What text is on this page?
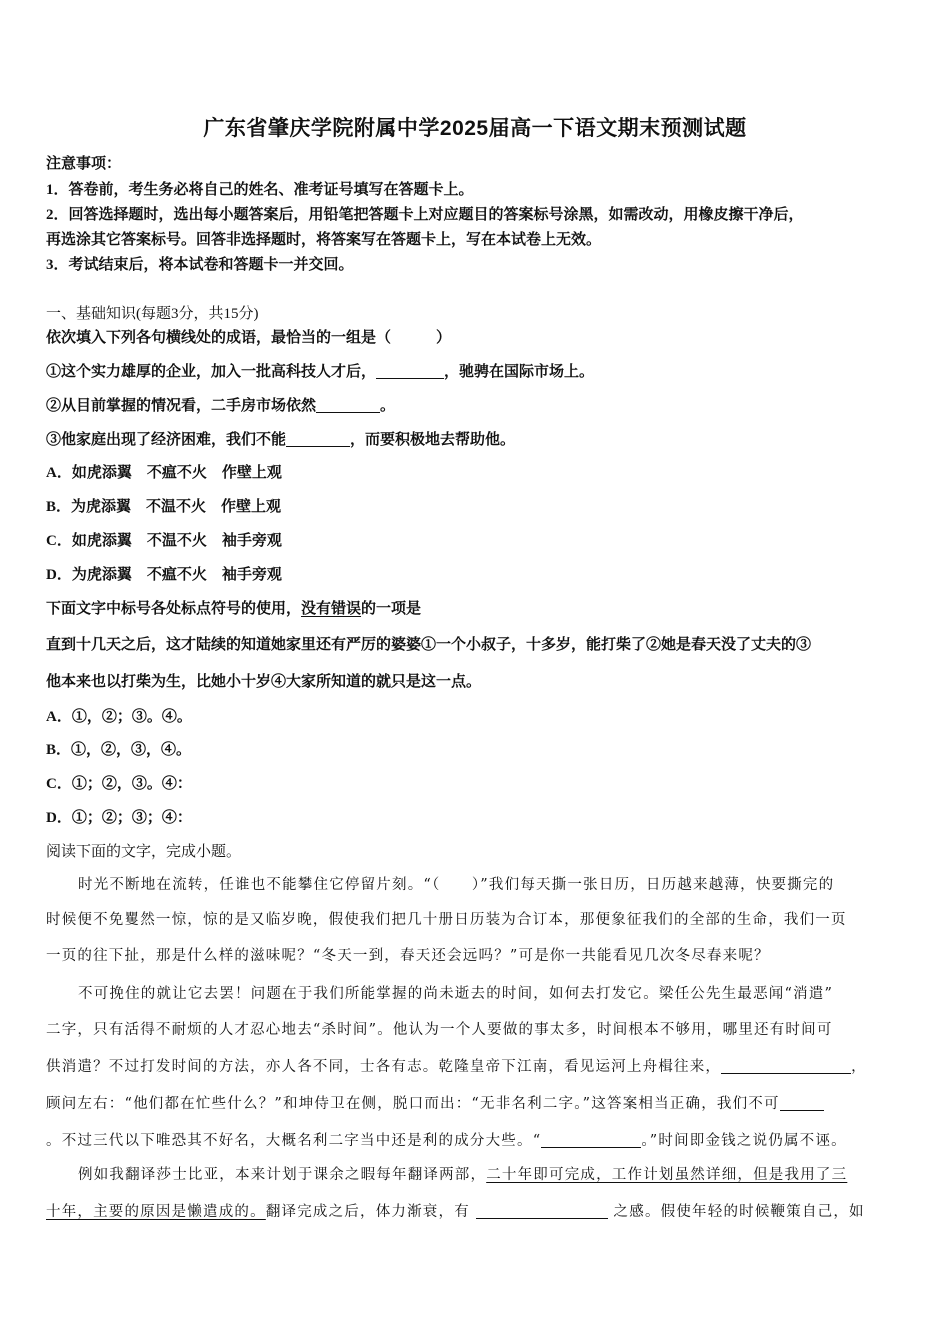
广东省肇庆学院附属中学2025届高一下语文期末预测试题
注意事项：
1．答卷前，考生务必将自己的姓名、准考证号填写在答题卡上。
2．回答选择题时，选出每小题答案后，用铅笔把答题卡上对应题目的答案标号涂黑，如需改动，用橡皮擦干净后，
再选涂其它答案标号。回答非选择题时，将答案写在答题卡上，写在本试卷上无效。
3．考试结束后，将本试卷和答题卡一并交回。
一、基础知识(每题3分，共15分)
依次填入下列各句横线处的成语，最恰当的一组是（　　　）
①这个实力雄厚的企业，加入一批高科技人才后，	，驰骋在国际市场上。
②从目前掌握的情况看，二手房市场依然	。
③他家庭出现了经济困难，我们不能	，而要积极地去帮助他。
A．如虎添翼 不瘟不火 作壁上观
B．为虎添翼 不温不火 作壁上观
C．如虎添翼 不温不火 袖手旁观
D．为虎添翼 不瘟不火 袖手旁观
下面文字中标号各处标点符号的使用，没有错误的一项是
直到十几天之后，这才陆续的知道她家里还有严厉的婆婆①一个小叔子，十多岁，能打柴了②她是春天没了丈夫的③
他本来也以打柴为生，比她小十岁④大家所知道的就只是这一点。
A．①，②；③。④。
B．①，②，③，④。
C．①；②，③。④：
D．①；②；③；④：
阅读下面的文字，完成小题。
时光不断地在流转，任谁也不能攀住它停留片刻。“（　　）”我们每天撕一张日历，日历越来越薄，快要撕完的
时候便不免矍然一惊，惊的是又临岁晚，假使我们把几十册日历装为合订本，那便象征我们的全部的生命，我们一页
一页的往下扯，那是什么样的滋味呢？“冬天一到，春天还会远吗？”可是你一共能看见几次冬尽春来呢？
不可挽住的就让它去罢！问题在于我们所能掌握的尚未逝去的时间，如何去打发它。梁任公先生最恶闻“消遣”
二字，只有活得不耐烦的人才忍心地去“杀时间”。他认为一个人要做的事太多，时间根本不够用，哪里还有时间可
供消遣？不过打发时间的方法，亦人各不同，士各有志。乾隆皇帝下江南，看见运河上舟楫往来，	，
顾问左右：“他们都在忙些什么？”和坤侍卫在侧，脱口而出：“无非名利二字。”这答案相当正确，我们不可
。不过三代以下唯恐其不好名，大概名利二字当中还是利的成分大些。“	。”时间即金钱之说仍属不诬。
例如我翻译莎士比亚，本来计划于课余之暇每年翻译两部，二十年即可完成，工作计划虽然详细，但是我用了三
十年，主要的原因是懒遣成的。翻译完成之后，体力渐衰，有	之感。假使年轻的时候鞭策自己，如
